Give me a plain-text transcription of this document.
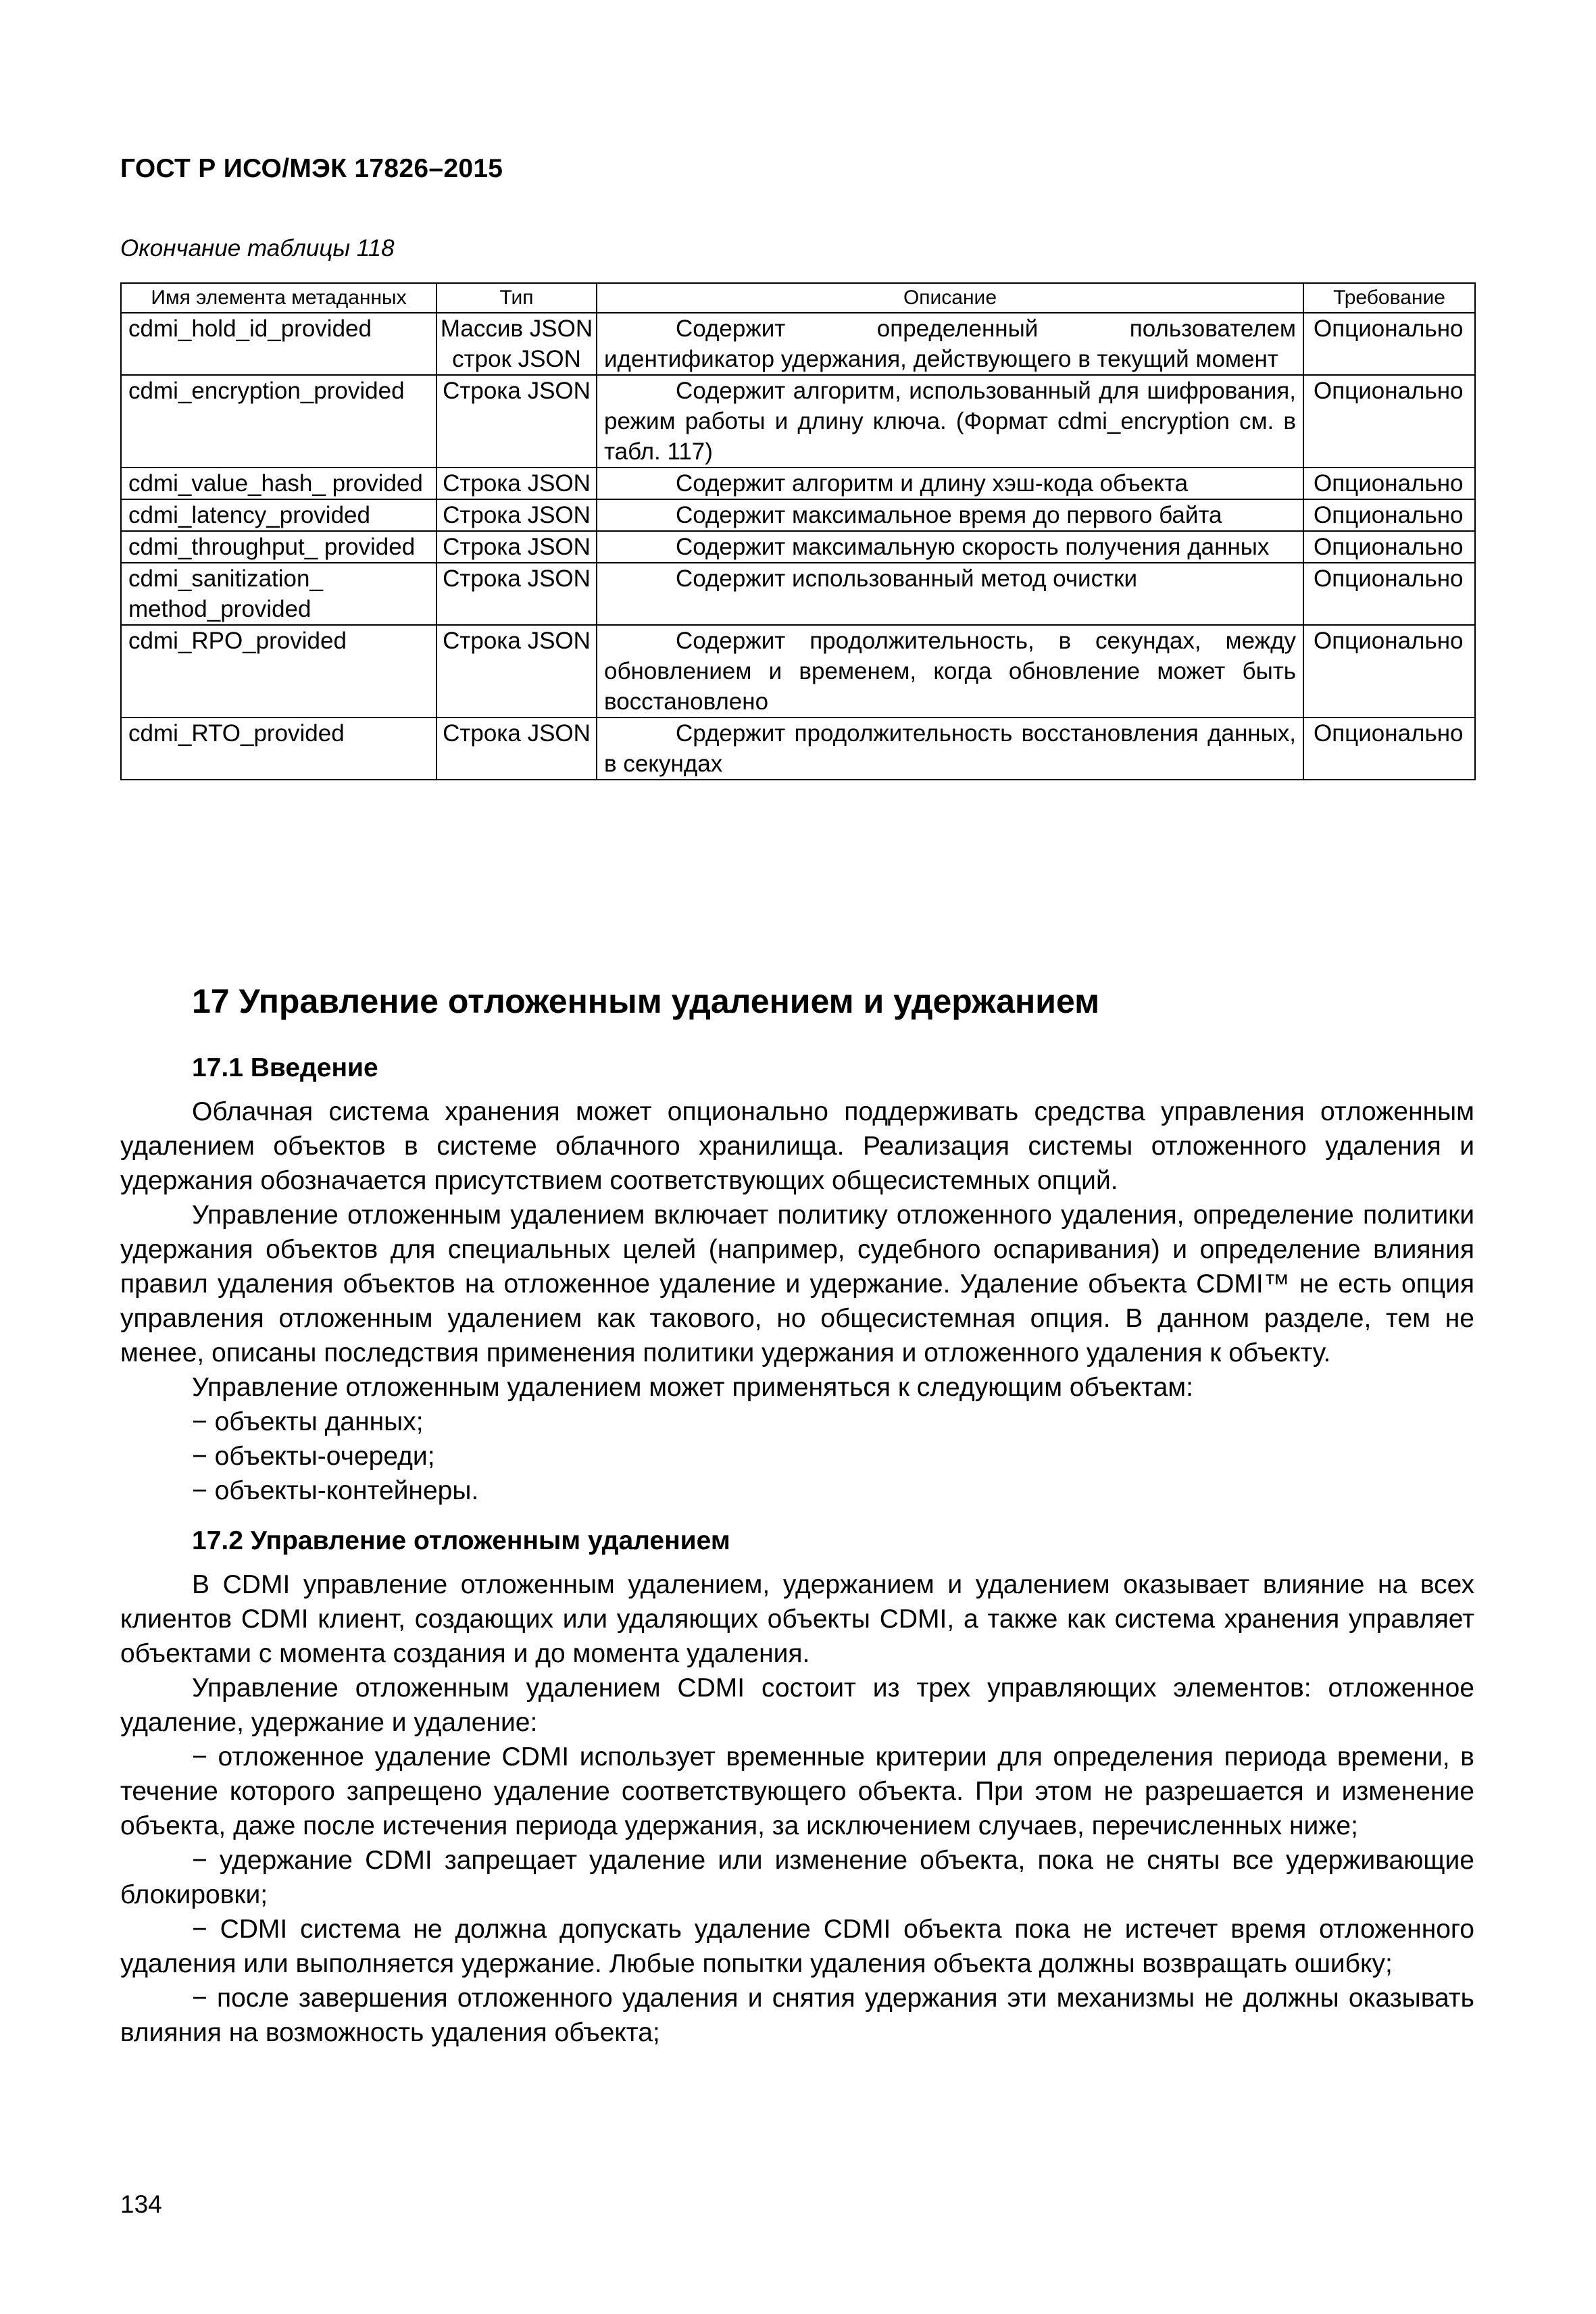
ГОСТ Р ИСО/МЭК 17826–2015
Окончание таблицы 118
Имя элемента метаданных	Тип	Описание	Требование
cdmi_hold_id_provided	Массив JSON строк JSON	Содержит определенный пользователем идентификатор удержания, действующего в текущий момент	Опционально
cdmi_encryption_provided	Строка JSON	Содержит алгоритм, использованный для шифрования, режим работы и длину ключа. (Формат cdmi_encryption см. в табл. 117)	Опционально
cdmi_value_hash_ provided	Строка JSON	Содержит алгоритм и длину хэш-кода объекта	Опционально
cdmi_latency_provided	Строка JSON	Содержит максимальное время до первого байта	Опционально
cdmi_throughput_ provided	Строка JSON	Содержит максимальную скорость получения данных	Опционально
cdmi_sanitization_ method_provided	Строка JSON	Содержит использованный метод очистки	Опционально
cdmi_RPO_provided	Строка JSON	Содержит продолжительность, в секундах, между обновлением и временем, когда обновление может быть восстановлено	Опционально
cdmi_RTO_provided	Строка JSON	Срдержит продолжительность восстановления данных, в секундах	Опционально
17 Управление отложенным удалением и удержанием
17.1 Введение

Облачная система хранения может опционально поддерживать средства управления отложенным удалением объектов в системе облачного хранилища. Реализация системы отложенного удаления и удержания обозначается присутствием соответствующих общесистемных опций.

Управление отложенным удалением включает политику отложенного удаления, определение политики удержания объектов для специальных целей (например, судебного оспаривания) и определение влияния правил удаления объектов на отложенное удаление и удержание. Удаление объекта CDMI™ не есть опция управления отложенным удалением как такового, но общесистемная опция. В данном разделе, тем не менее, описаны последствия применения политики удержания и отложенного удаления к объекту.

Управление отложенным удалением может применяться к следующим объектам:

− объекты данных;

− объекты-очереди;

− объекты-контейнеры.

17.2 Управление отложенным удалением

В CDMI управление отложенным удалением, удержанием и удалением оказывает влияние на всех клиентов CDMI клиент, создающих или удаляющих объекты CDMI, а также как система хранения управляет объектами с момента создания и до момента удаления.

Управление отложенным удалением CDMI состоит из трех управляющих элементов: отложенное удаление, удержание и удаление:

− отложенное удаление CDMI использует временные критерии для определения периода времени, в течение которого запрещено удаление соответствующего объекта. При этом не разрешается и изменение объекта, даже после истечения периода удержания, за исключением случаев, перечисленных ниже;

− удержание CDMI запрещает удаление или изменение объекта, пока не сняты все удерживающие блокировки;

− CDMI система не должна допускать удаление CDMI объекта пока не истечет время отложенного удаления или выполняется удержание. Любые попытки удаления объекта должны возвращать ошибку;

− после завершения отложенного удаления и снятия удержания эти механизмы не должны оказывать влияния на возможность удаления объекта;

134
